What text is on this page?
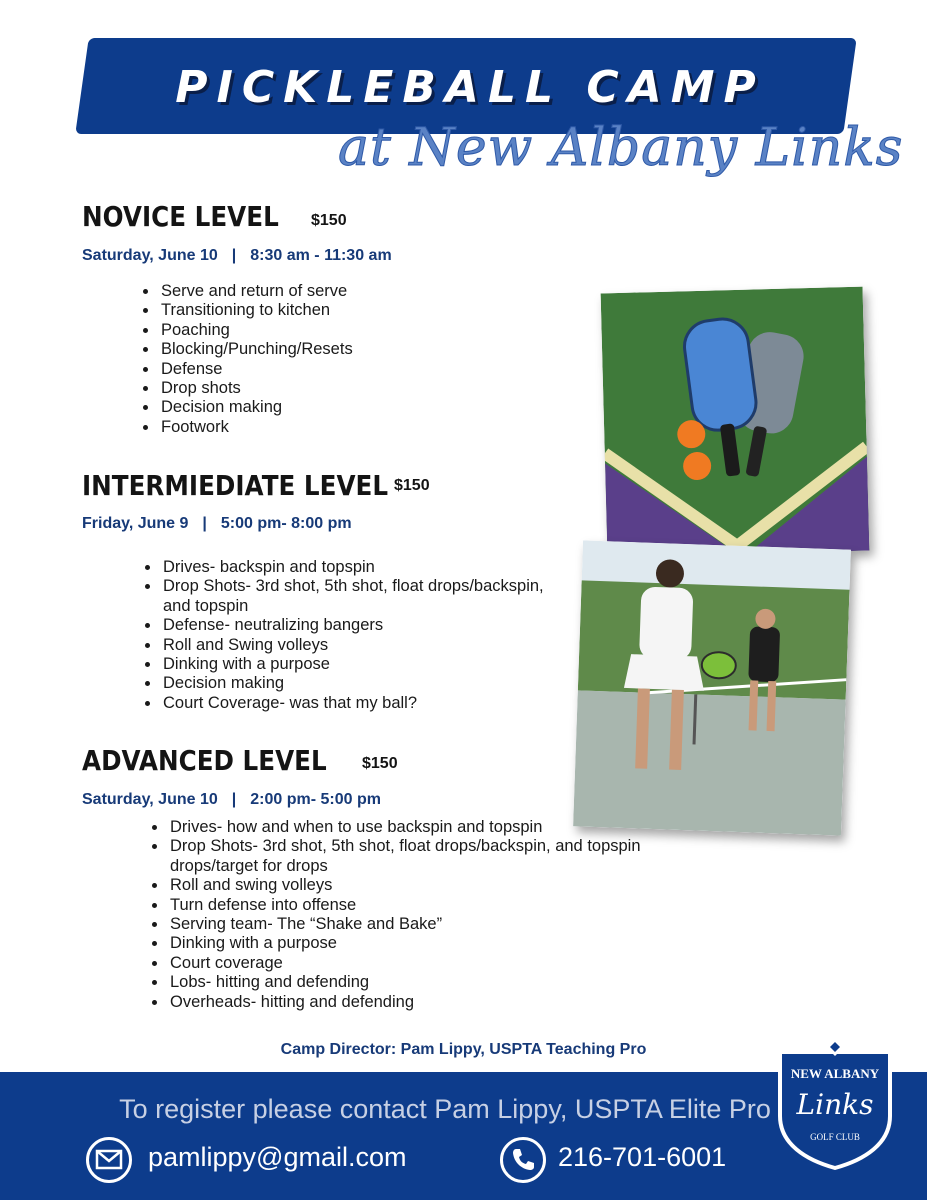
PICKLEBALL CAMP
at New Albany Links
NOVICE LEVEL $150
Saturday, June 10 | 8:30 am - 11:30 am
• Serve and return of serve
• Transitioning to kitchen
• Poaching
• Blocking/Punching/Resets
• Defense
• Drop shots
• Decision making
• Footwork
INTERMIEDIATE LEVEL $150
Friday, June 9 | 5:00 pm- 8:00 pm
• Drives- backspin and topspin
• Drop Shots- 3rd shot, 5th shot, float drops/backspin,
and topspin
• Defense- neutralizing bangers
• Roll and Swing volleys
• Dinking with a purpose
• Decision making
• Court Coverage- was that my ball?
ADVANCED LEVEL $150
Saturday, June 10 | 2:00 pm- 5:00 pm
• Drives- how and when to use backspin and topspin
• Drop Shots- 3rd shot, 5th shot, float drops/backspin, and topspin
drops/target for drops
• Roll and swing volleys
• Turn defense into offense
• Serving team- The “Shake and Bake”
• Dinking with a purpose
• Court coverage
• Lobs- hitting and defending
• Overheads- hitting and defending
Camp Director: Pam Lippy, USPTA Teaching Pro
To register please contact Pam Lippy, USPTA Elite Pro
pamlippy@gmail.com	216-701-6001
NEW ALBANY
Links
GOLF CLUB
